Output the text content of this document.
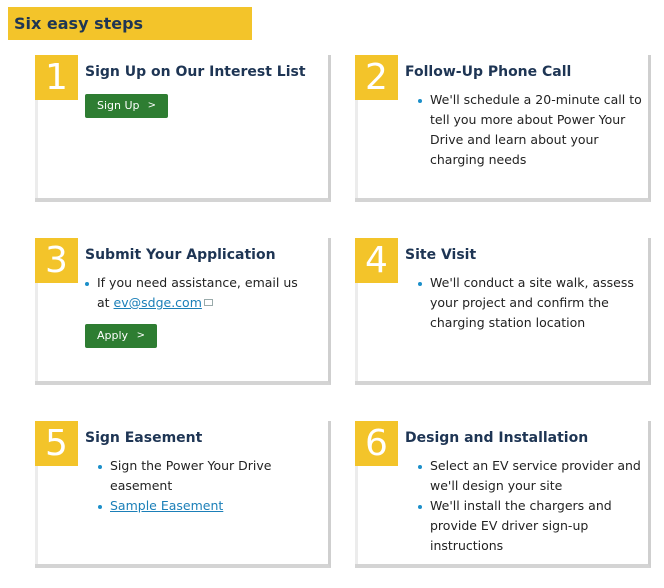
Six easy steps
1	Sign Up on Our Interest List
Sign Up >
2	Follow-Up Phone Call
We'll schedule a 20-minute call to tell you more about Power Your Drive and learn about your charging needs
3	Submit Your Application
If you need assistance, email us at ev@sdge.com
Apply >
4	Site Visit
We'll conduct a site walk, assess your project and confirm the charging station location
5	Sign Easement
Sign the Power Your Drive easement
Sample Easement
6	Design and Installation
Select an EV service provider and we'll design your site
We'll install the chargers and provide EV driver sign-up instructions
